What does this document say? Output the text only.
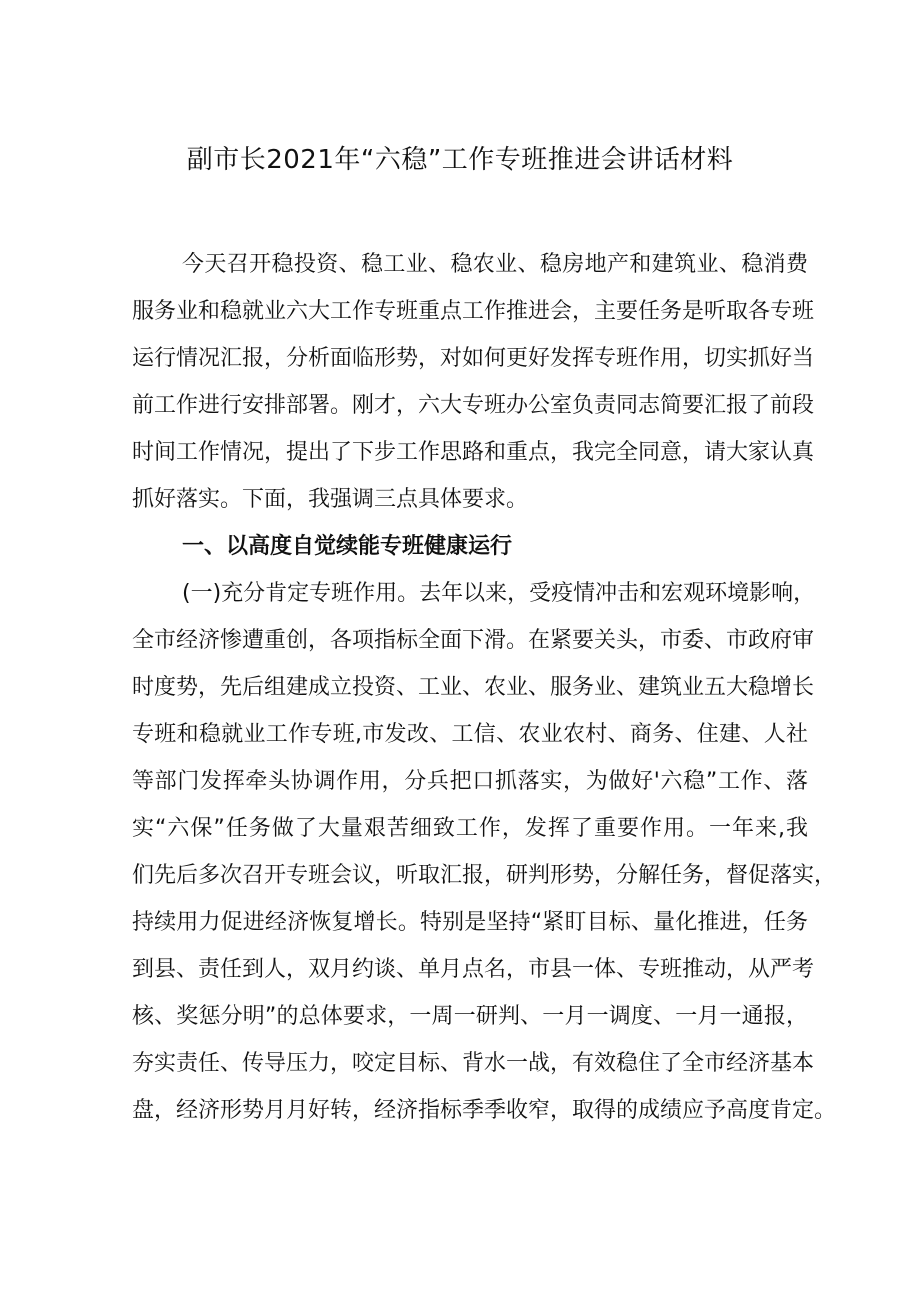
副市长2021年“六稳”工作专班推进会讲话材料
今天召开稳投资、稳工业、稳农业、稳房地产和建筑业、稳消费
服务业和稳就业六大工作专班重点工作推进会，主要任务是听取各专班
运行情况汇报，分析面临形势，对如何更好发挥专班作用，切实抓好当
前工作进行安排部署。刚才，六大专班办公室负责同志简要汇报了前段
时间工作情况，提出了下步工作思路和重点，我完全同意，请大家认真
抓好落实。下面，我强调三点具体要求。
一、以高度自觉续能专班健康运行
(一)充分肯定专班作用。去年以来，受疫情冲击和宏观环境影响，
全市经济惨遭重创，各项指标全面下滑。在紧要关头，市委、市政府审
时度势，先后组建成立投资、工业、农业、服务业、建筑业五大稳增长
专班和稳就业工作专班,市发改、工信、农业农村、商务、住建、人社
等部门发挥牵头协调作用，分兵把口抓落实，为做好'六稳”工作、落
实“六保”任务做了大量艰苦细致工作，发挥了重要作用。一年来,我
们先后多次召开专班会议，听取汇报，研判形势，分解任务，督促落实，
持续用力促进经济恢复增长。特别是坚持“紧盯目标、量化推进，任务
到县、责任到人，双月约谈、单月点名，市县一体、专班推动，从严考
核、奖惩分明”的总体要求，一周一研判、一月一调度、一月一通报，
夯实责任、传导压力，咬定目标、背水一战，有效稳住了全市经济基本
盘，经济形势月月好转，经济指标季季收窄，取得的成绩应予高度肯定。
